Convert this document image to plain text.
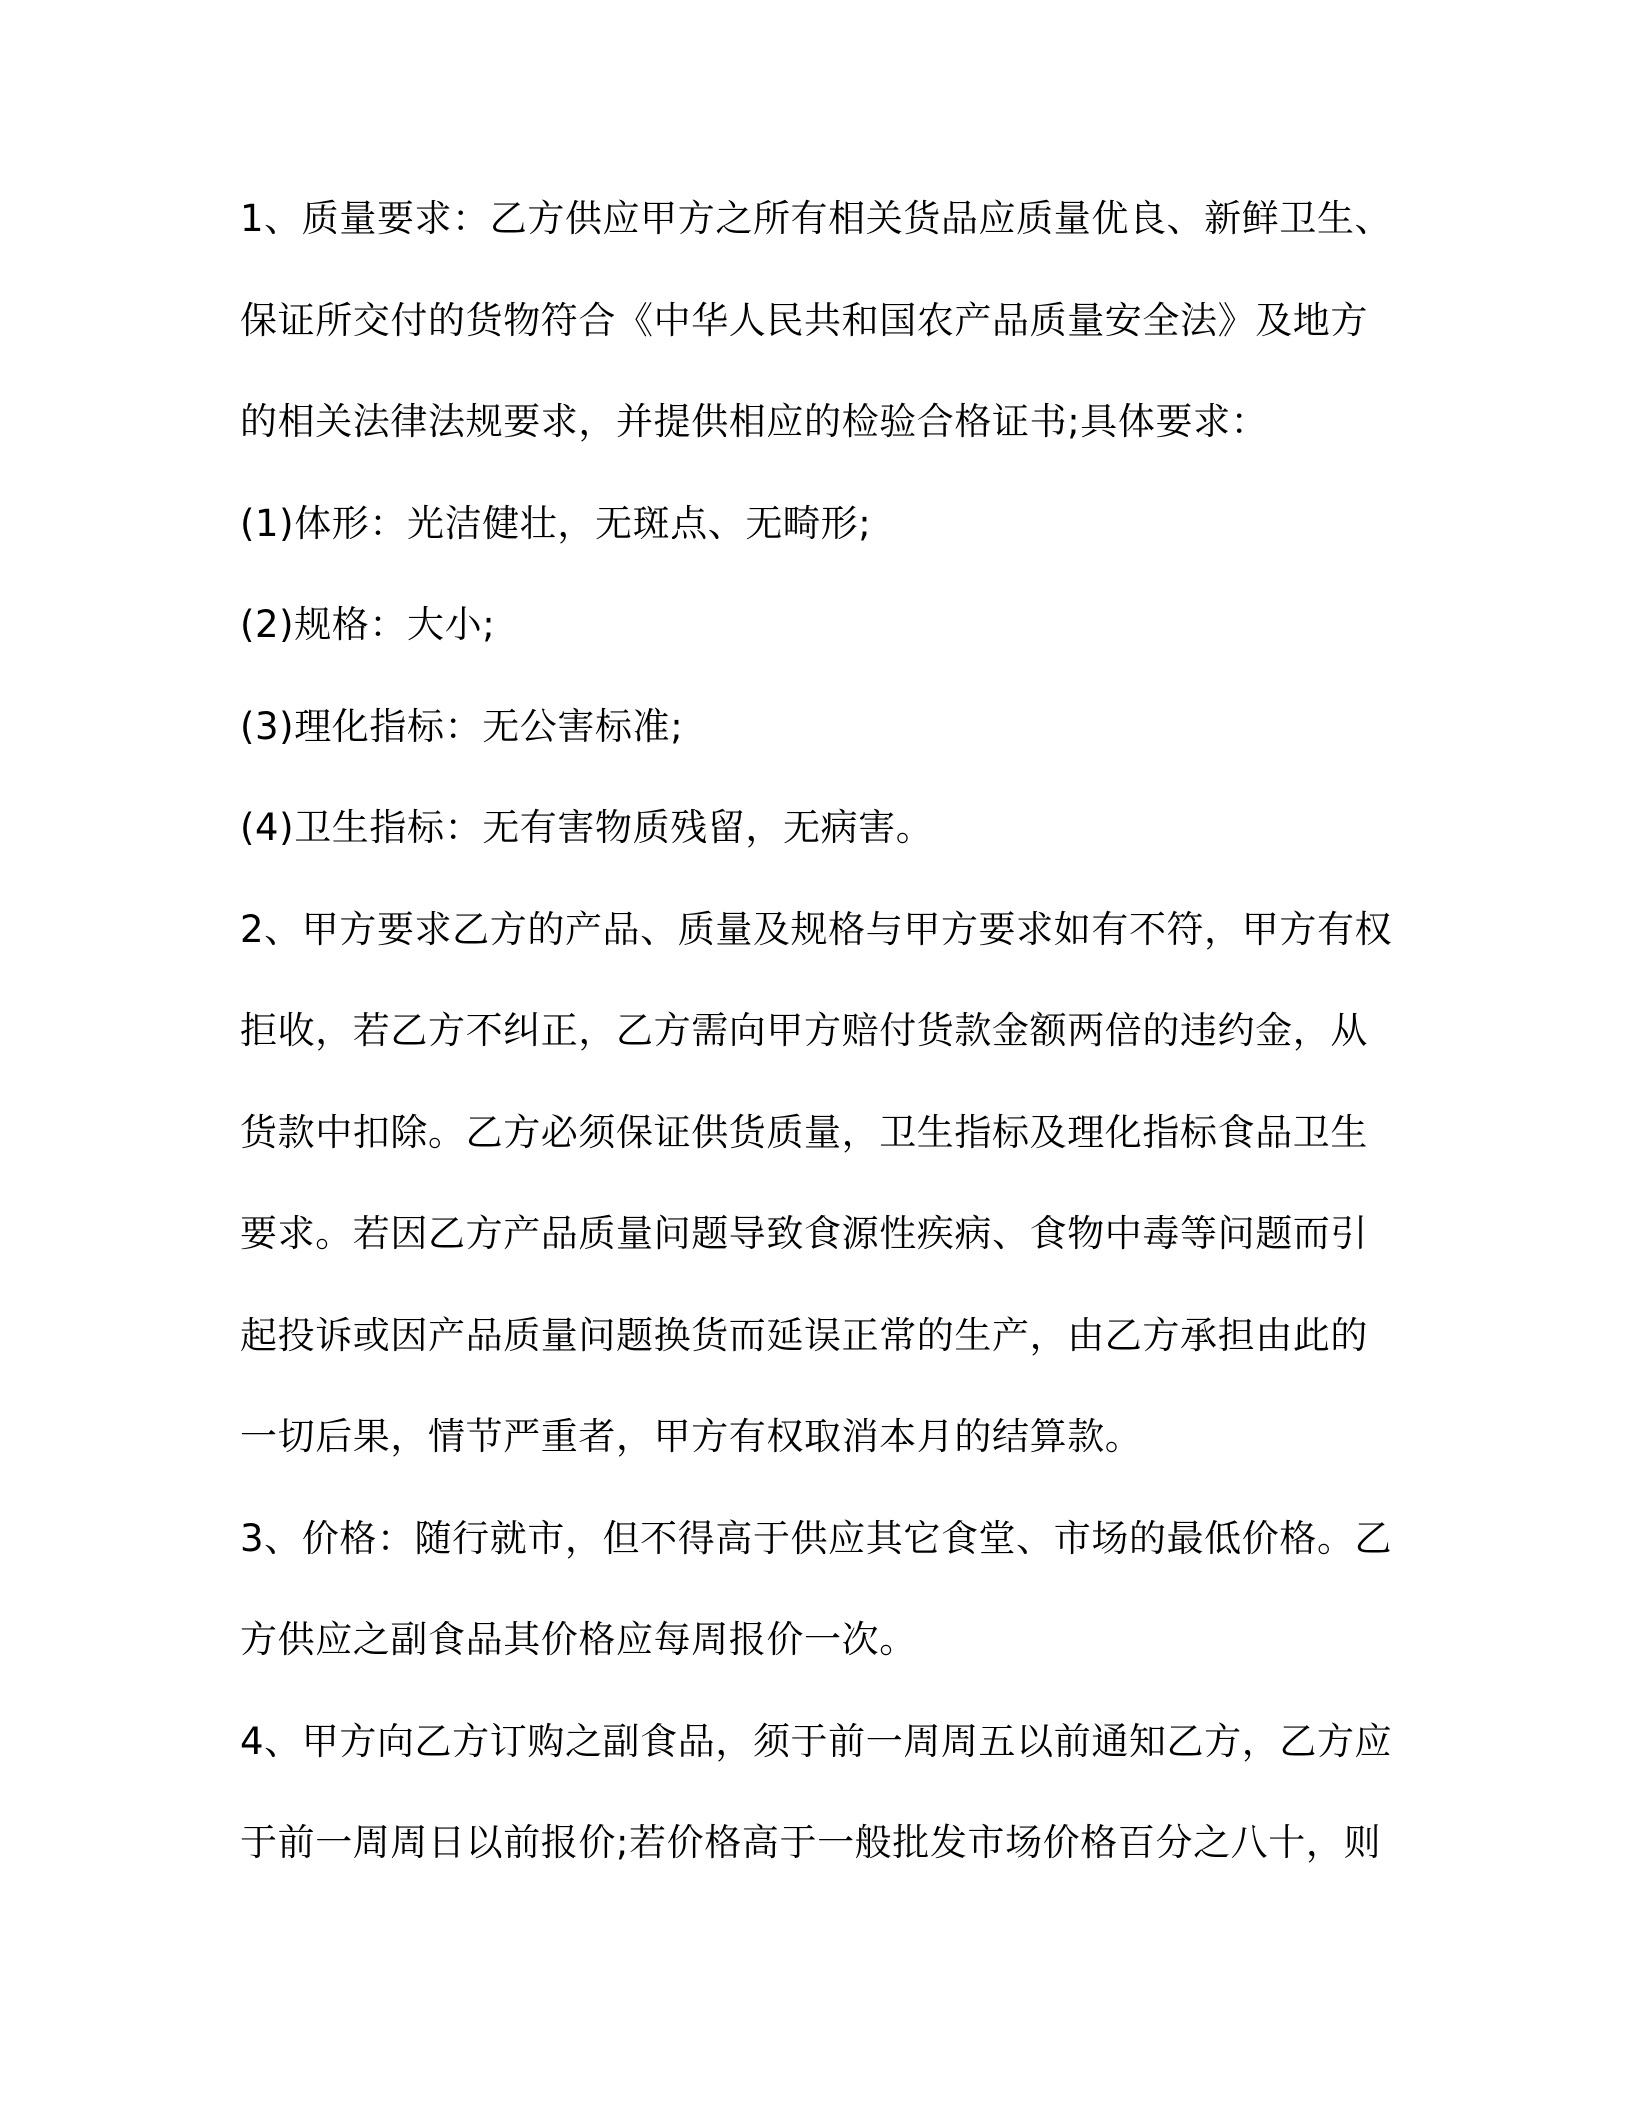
1、质量要求：乙方供应甲方之所有相关货品应质量优良、新鲜卫生、
保证所交付的货物符合《中华人民共和国农产品质量安全法》及地方
的相关法律法规要求，并提供相应的检验合格证书;具体要求：
(1)体形：光洁健壮，无斑点、无畸形;
(2)规格：大小;
(3)理化指标：无公害标准;
(4)卫生指标：无有害物质残留，无病害。
2、甲方要求乙方的产品、质量及规格与甲方要求如有不符，甲方有权
拒收，若乙方不纠正，乙方需向甲方赔付货款金额两倍的违约金，从
货款中扣除。乙方必须保证供货质量，卫生指标及理化指标食品卫生
要求。若因乙方产品质量问题导致食源性疾病、食物中毒等问题而引
起投诉或因产品质量问题换货而延误正常的生产，由乙方承担由此的
一切后果，情节严重者，甲方有权取消本月的结算款。
3、价格：随行就市，但不得高于供应其它食堂、市场的最低价格。乙
方供应之副食品其价格应每周报价一次。
4、甲方向乙方订购之副食品，须于前一周周五以前通知乙方，乙方应
于前一周周日以前报价;若价格高于一般批发市场价格百分之八十，则
